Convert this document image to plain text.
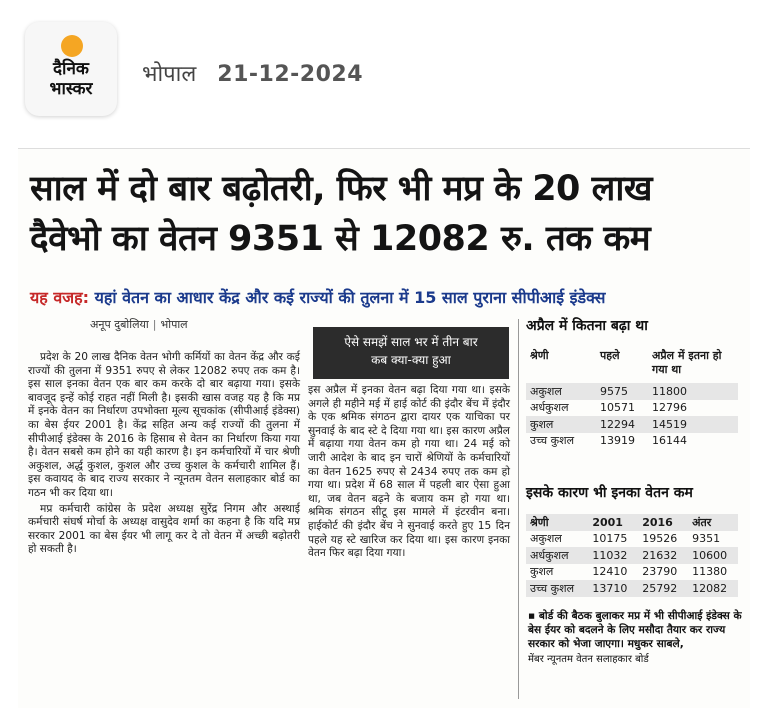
दैनिक
भास्कर
भोपाल 21-12-2024
साल में दो बार बढ़ोतरी, फिर भी मप्र के 20 लाख
दैवेभो का वेतन 9351 से 12082 रु. तक कम
यह वजह: यहां वेतन का आधार केंद्र और कई राज्यों की तुलना में 15 साल पुराना सीपीआई इंडेक्स
अनूप दुबोलिया | भोपाल

प्रदेश के 20 लाख दैनिक वेतन भोगी कर्मियों का वेतन केंद्र और कई राज्यों की तुलना में 9351 रुपए से लेकर 12082 रुपए तक कम है। इस साल इनका वेतन एक बार कम करके दो बार बढ़ाया गया। इसके बावजूद इन्हें कोई राहत नहीं मिली है। इसकी खास वजह यह है कि मप्र में इनके वेतन का निर्धारण उपभोक्ता मूल्य सूचकांक (सीपीआई इंडेक्स) का बेस ईयर 2001 है। केंद्र सहित अन्य कई राज्यों की तुलना में सीपीआई इंडेक्स के 2016 के हिसाब से वेतन का निर्धारण किया गया है। वेतन सबसे कम होने का यही कारण है। इन कर्मचारियों में चार श्रेणी अकुशल, अर्द्ध कुशल, कुशल और उच्च कुशल के कर्मचारी शामिल हैं। इस कवायद के बाद राज्य सरकार ने न्यूनतम वेतन सलाहकार बोर्ड का गठन भी कर दिया था।

मप्र कर्मचारी कांग्रेस के प्रदेश अध्यक्ष सुरेंद्र निगम और अस्थाई कर्मचारी संघर्ष मोर्चा के अध्यक्ष वासुदेव शर्मा का कहना है कि यदि मप्र सरकार 2001 का बेस ईयर भी लागू कर दे तो वेतन में अच्छी बढ़ोतरी हो सकती है।

ऐसे समझें साल भर में तीन बार
कब क्या-क्या हुआ
इस अप्रैल में इनका वेतन बढ़ा दिया गया था। इसके अगले ही महीने मई में हाई कोर्ट की इंदौर बेंच में इंदौर के एक श्रमिक संगठन द्वारा दायर एक याचिका पर सुनवाई के बाद स्टे दे दिया गया था। इस कारण अप्रैल में बढ़ाया गया वेतन कम हो गया था। 24 मई को जारी आदेश के बाद इन चारों श्रेणियों के कर्मचारियों का वेतन 1625 रुपए से 2434 रुपए तक कम हो गया था। प्रदेश में 68 साल में पहली बार ऐसा हुआ था, जब वेतन बढ़ने के बजाय कम हो गया था। श्रमिक संगठन सीटू इस मामले में इंटरवीन बना। हाईकोर्ट की इंदौर बेंच ने सुनवाई करते हुए 15 दिन पहले यह स्टे खारिज कर दिया था। इस कारण इनका वेतन फिर बढ़ा दिया गया।
अप्रैल में कितना बढ़ा था
श्रेणी	पहले	अप्रैल में इतना हो गया था
अकुशल	9575	11800
अर्धकुशल	10571	12796
कुशल	12294	14519
उच्च कुशल	13919	16144
इसके कारण भी इनका वेतन कम
श्रेणी	2001	2016	अंतर
अकुशल	10175	19526	9351
अर्धकुशल	11032	21632	10600
कुशल	12410	23790	11380
उच्च कुशल	13710	25792	12082
▪ बोर्ड की बैठक बुलाकर मप्र में भी सीपीआई इंडेक्स के बेस ईयर को बदलने के लिए मसौदा तैयार कर राज्य सरकार को भेजा जाएगा। मधुकर साबले,
मेंबर न्यूनतम वेतन सलाहकार बोर्ड
